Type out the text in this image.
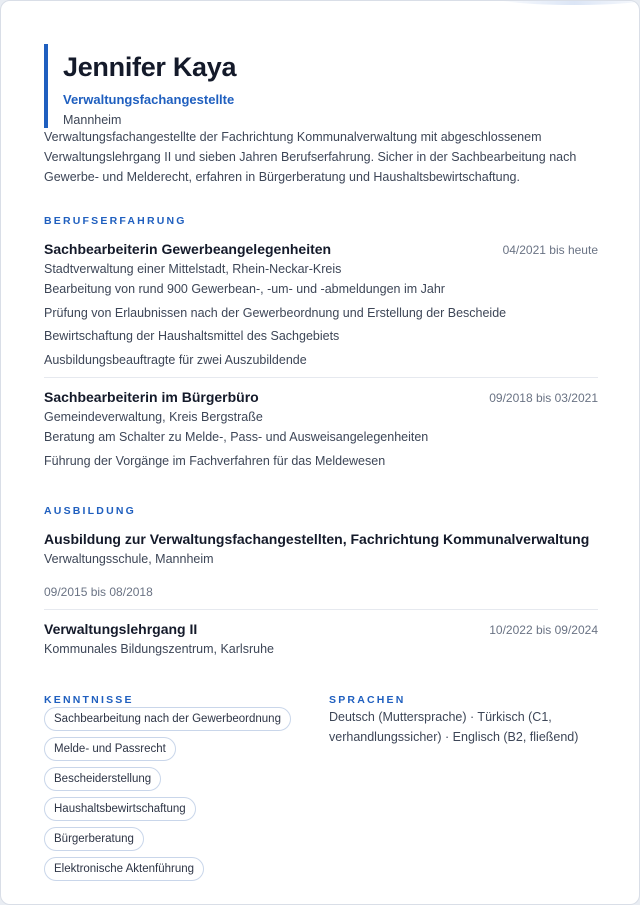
Jennifer Kaya
Verwaltungsfachangestellte
Mannheim

Verwaltungsfachangestellte der Fachrichtung Kommunalverwaltung mit abgeschlossenem Verwaltungslehrgang II und sieben Jahren Berufserfahrung. Sicher in der Sachbearbeitung nach Gewerbe- und Melderecht, erfahren in Bürgerberatung und Haushaltsbewirtschaftung.

BERUFSERFAHRUNG
Sachbearbeiterin Gewerbeangelegenheiten	04/2021 bis heute
Stadtverwaltung einer Mittelstadt, Rhein-Neckar-Kreis
Bearbeitung von rund 900 Gewerbean-, -um- und -abmeldungen im Jahr
Prüfung von Erlaubnissen nach der Gewerbeordnung und Erstellung der Bescheide
Bewirtschaftung der Haushaltsmittel des Sachgebiets
Ausbildungsbeauftragte für zwei Auszubildende
Sachbearbeiterin im Bürgerbüro	09/2018 bis 03/2021
Gemeindeverwaltung, Kreis Bergstraße
Beratung am Schalter zu Melde-, Pass- und Ausweisangelegenheiten
Führung der Vorgänge im Fachverfahren für das Meldewesen
AUSBILDUNG
Ausbildung zur Verwaltungsfachangestellten, Fachrichtung Kommunalverwaltung
Verwaltungsschule, Mannheim
09/2015 bis 08/2018
Verwaltungslehrgang II	10/2022 bis 09/2024
Kommunales Bildungszentrum, Karlsruhe
KENNTNISSE
Sachbearbeitung nach der Gewerbeordnung Melde- und Passrecht Bescheiderstellung Haushaltsbewirtschaftung Bürgerberatung Elektronische Aktenführung
SPRACHEN

Deutsch (Muttersprache) · Türkisch (C1, verhandlungssicher) · Englisch (B2, fließend)
